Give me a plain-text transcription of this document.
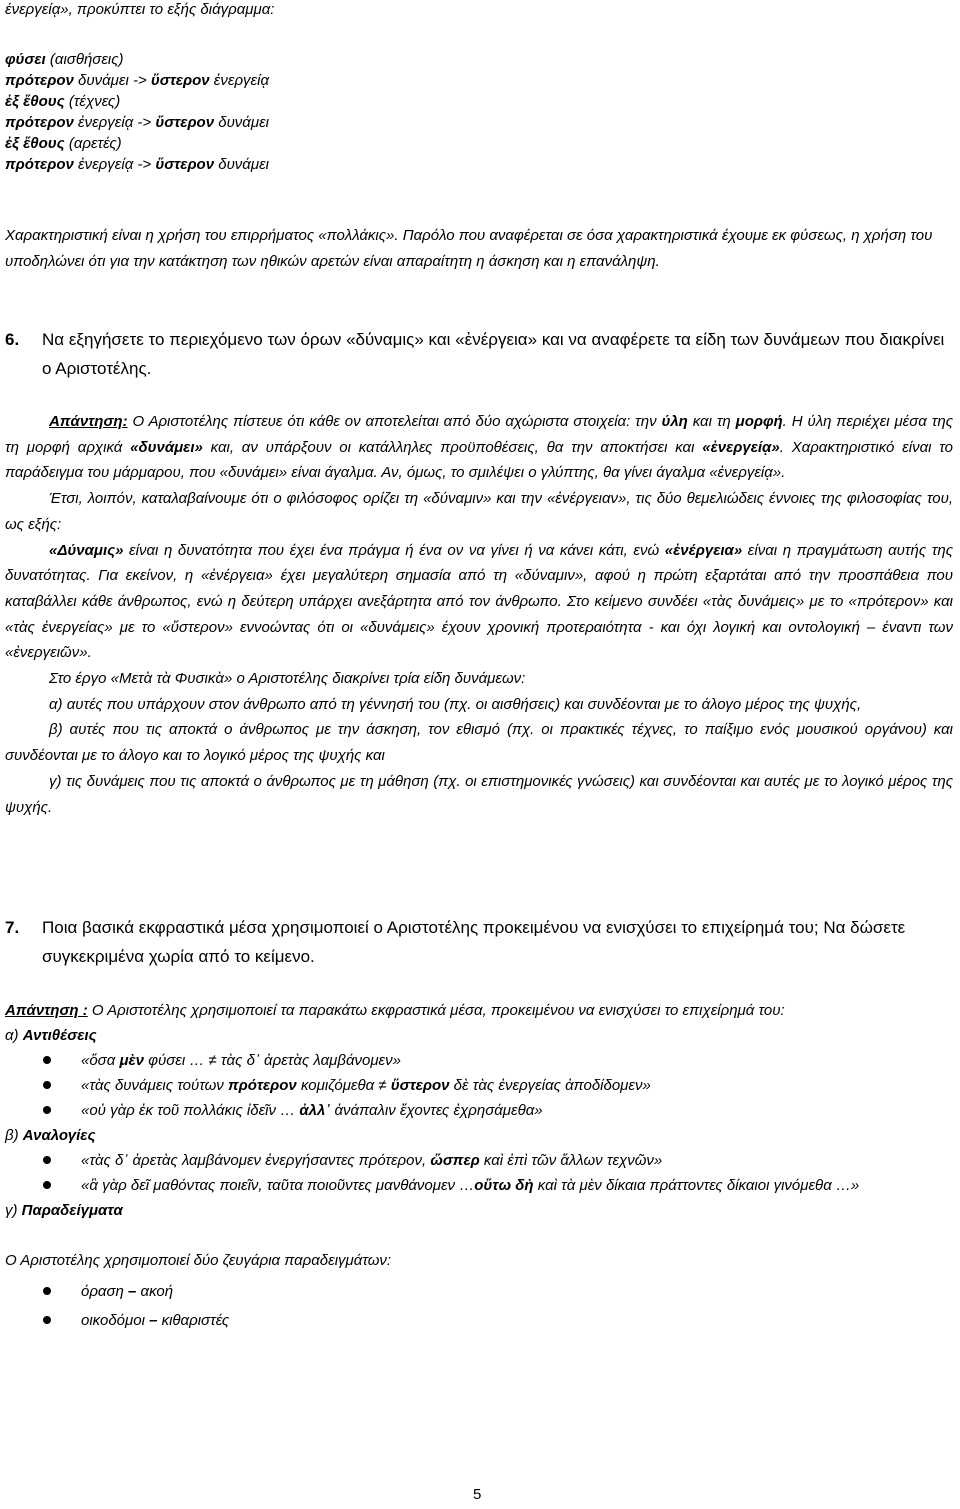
ένεργείᾳ», προκύπτει το εξής διάγραμμα:

φύσει (αισθήσεις)
πρότερον δυνάμει -> ὕστερον ἐνεργείᾳ
ἐξ ἔθους (τέχνες)
πρότερον ἐνεργείᾳ -> ὕστερον δυνάμει
ἐξ ἔθους (αρετές)
πρότερον ἐνεργείᾳ -> ὕστερον δυνάμει

Χαρακτηριστική είναι η χρήση του επιρρήματος «πολλάκις». Παρόλο που αναφέρεται σε όσα χαρακτηριστικά έχουμε εκ φύσεως, η χρήση του υποδηλώνει ότι για την κατάκτηση των ηθικών αρετών είναι απαραίτητη η άσκηση και η επανάληψη.

6. Να εξηγήσετε το περιεχόμενο των όρων «δύναμις» και «ἐνέργεια» και να αναφέρετε τα είδη των δυνάμεων που διακρίνει ο Αριστοτέλης.

Απάντηση: Ο Αριστοτέλης πίστευε ότι κάθε ον αποτελείται από δύο αχώριστα στοιχεία: την ύλη και τη μορφή. Η ύλη περιέχει μέσα της τη μορφή αρχικά «δυνάμει» και, αν υπάρξουν οι κατάλληλες προϋποθέσεις, θα την αποκτήσει και «ἐνεργείᾳ». Χαρακτηριστικό είναι το παράδειγμα του μάρμαρου, που «δυνάμει» είναι άγαλμα. Αν, όμως, το σμιλέψει ο γλύπτης, θα γίνει άγαλμα «ἐνεργείᾳ».

Έτσι, λοιπόν, καταλαβαίνουμε ότι ο φιλόσοφος ορίζει τη «δύναμιν» και την «ἐνέργειαν», τις δύο θεμελιώδεις έννοιες της φιλοσοφίας του, ως εξής:

«Δύναμις» είναι η δυνατότητα που έχει ένα πράγμα ή ένα ον να γίνει ή να κάνει κάτι, ενώ «ἐνέργεια» είναι η πραγμάτωση αυτής της δυνατότητας. Για εκείνον, η «ἐνέργεια» έχει μεγαλύτερη σημασία από τη «δύναμιν», αφού η πρώτη εξαρτάται από την προσπάθεια που καταβάλλει κάθε άνθρωπος, ενώ η δεύτερη υπάρχει ανεξάρτητα από τον άνθρωπο. Στο κείμενο συνδέει «τὰς δυνάμεις» με το «πρότερον» και «τὰς ἐνεργείας» με το «ὕστερον» εννοώντας ότι οι «δυνάμεις» έχουν χρονική προτεραιότητα - και όχι λογική και οντολογική – έναντι των «ἐνεργειῶν».

Στο έργο «Μετὰ τὰ Φυσικὰ» ο Αριστοτέλης διακρίνει τρία είδη δυνάμεων:

α) αυτές που υπάρχουν στον άνθρωπο από τη γέννησή του (πχ. οι αισθήσεις) και συνδέονται με το άλογο μέρος της ψυχής,

β) αυτές που τις αποκτά ο άνθρωπος με την άσκηση, τον εθισμό (πχ. οι πρακτικές τέχνες, το παίξιμο ενός μουσικού οργάνου) και συνδέονται με το άλογο και το λογικό μέρος της ψυχής και

γ) τις δυνάμεις που τις αποκτά ο άνθρωπος με τη μάθηση (πχ. οι επιστημονικές γνώσεις) και συνδέονται και αυτές με το λογικό μέρος της ψυχής.

7. Ποια βασικά εκφραστικά μέσα χρησιμοποιεί ο Αριστοτέλης προκειμένου να ενισχύσει το επιχείρημά του; Να δώσετε συγκεκριμένα χωρία από το κείμενο.

Απάντηση : Ο Αριστοτέλης χρησιμοποιεί τα παρακάτω εκφραστικά μέσα, προκειμένου να ενισχύσει το επιχείρημά του:

α) Αντιθέσεις

«ὅσα μὲν φύσει … ≠ τὰς δ᾿ ἀρετὰς λαμβάνομεν»
«τὰς δυνάμεις τούτων πρότερον κομιζόμεθα ≠ ὕστερον δὲ τὰς ἐνεργείας ἀποδίδομεν»
«οὐ γὰρ ἐκ τοῦ πολλάκις ἰδεῖν … ἀλλ᾿ ἀνάπαλιν ἔχοντες ἐχρησάμεθα»

β) Αναλογίες

«τὰς δ᾿ ἀρετὰς λαμβάνομεν ἐνεργήσαντες πρότερον, ὥσπερ καὶ ἐπὶ τῶν ἄλλων τεχνῶν»
«ἃ γὰρ δεῖ μαθόντας ποιεῖν, ταῦτα ποιοῦντες μανθάνομεν …οὕτω δὴ καὶ τὰ μὲν δίκαια πράττοντες δίκαιοι γινόμεθα …»

γ) Παραδείγματα

Ο Αριστοτέλης χρησιμοποιεί δύο ζευγάρια παραδειγμάτων:

όραση – ακοή
οικοδόμοι – κιθαριστές
5
